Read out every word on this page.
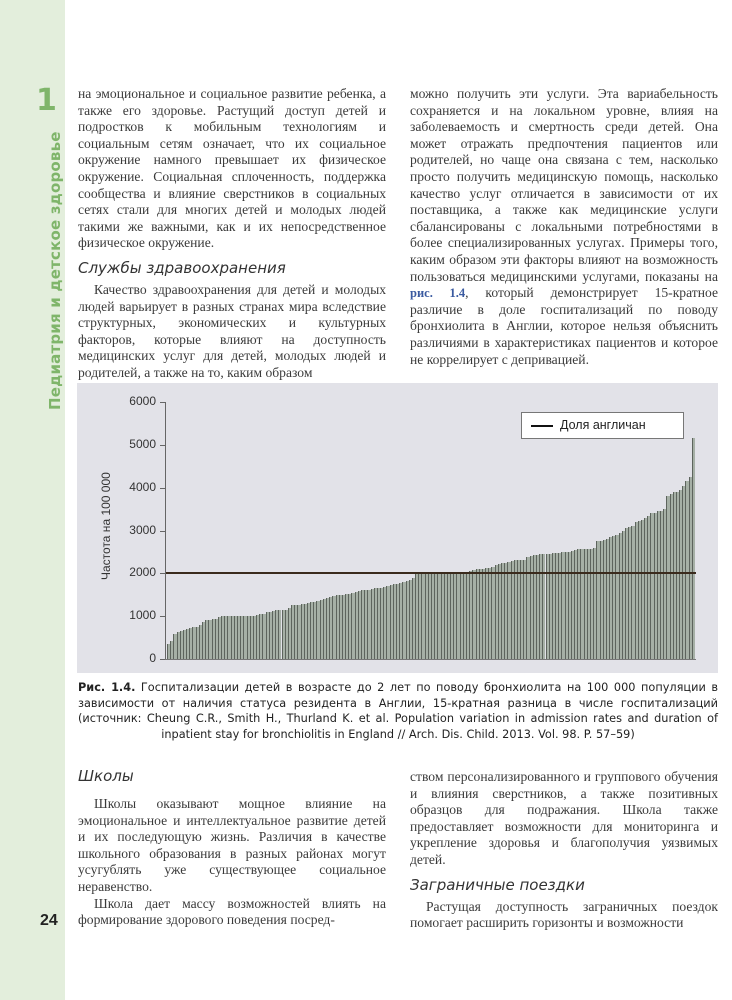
1
Педиатрия и детское здоровье
24

на эмоциональное и социальное развитие ребенка, а также его здоровье. Растущий доступ детей и подростков к мобильным технологиям и социальным сетям означает, что их социальное окружение намного превышает их физическое окружение. Социальная сплоченность, поддержка сообщества и влияние сверстников в социальных сетях стали для многих детей и молодых людей такими же важными, как и их непосредственное физическое окружение.

Службы здравоохранения

Качество здравоохранения для детей и молодых людей варьирует в разных странах мира вследствие структурных, экономических и культурных факторов, которые влияют на доступность медицинских услуг для детей, молодых людей и родителей, а также на то, каким образом

можно получить эти услуги. Эта вариабельность сохраняется и на локальном уровне, влияя на заболеваемость и смертность среди детей. Она может отражать предпочтения пациентов или родителей, но чаще она связана с тем, насколько просто получить медицинскую помощь, насколько качество услуг отличается в зависимости от их поставщика, а также как медицинские услуги сбалансированы с локальными потребностями в более специализированных услугах. Примеры того, каким образом эти факторы влияют на возможность пользоваться медицинскими услугами, показаны на рис. 1.4, который демонстрирует 15-кратное различие в доле госпитализаций по поводу бронхиолита в Англии, которое нельзя объяснить различиями в характеристиках пациентов и которое не коррелирует с депривацией.

Частота на 100 000
0
1000
2000
3000
4000
5000
6000
Доля англичан
Рис. 1.4. Госпитализации детей в возрасте до 2 лет по поводу бронхиолита на 100 000 популяции в зависимости от наличия статуса резидента в Англии, 15-кратная разница в числе госпитализаций (источник: Cheung C.R., Smith H., Thurland K. et al. Population variation in admission rates and duration of inpatient stay for bronchiolitis in England // Arch. Dis. Child. 2013. Vol. 98. P. 57–59)
Школы

Школы оказывают мощное влияние на эмоциональное и интеллектуальное развитие детей и их последующую жизнь. Различия в качестве школьного образования в разных районах могут усугублять уже существующее социальное неравенство.

Школа дает массу возможностей влиять на формирование здорового поведения посред-

ством персонализированного и группового обучения и влияния сверстников, а также позитивных образцов для подражания. Школа также предоставляет возможности для мониторинга и укрепление здоровья и благополучия уязвимых детей.

Заграничные поездки

Растущая доступность заграничных поездок помогает расширить горизонты и возможности
